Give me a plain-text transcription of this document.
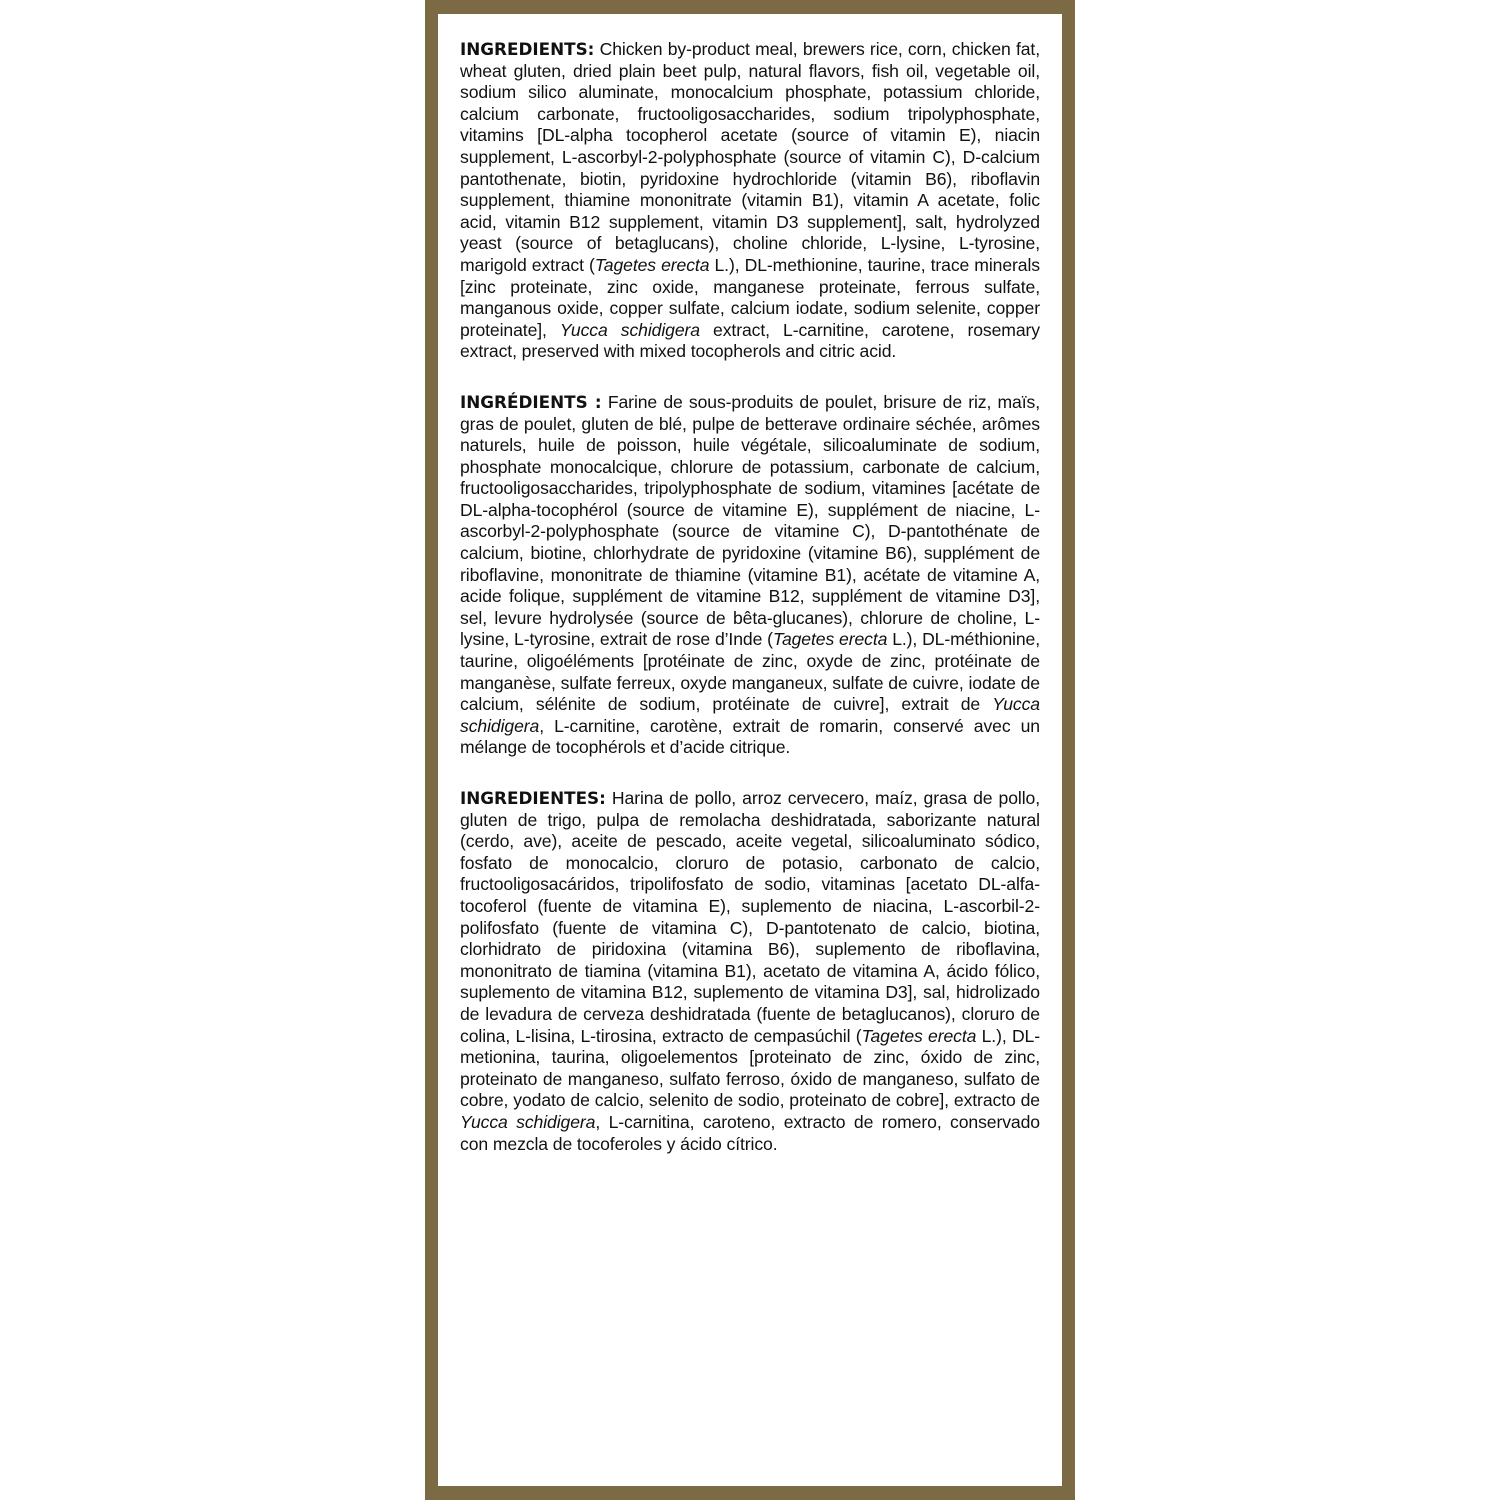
INGREDIENTS: Chicken by-product meal, brewers rice, corn, chicken fat, wheat gluten, dried plain beet pulp, natural flavors, fish oil, vegetable oil, sodium silico aluminate, monocalcium phosphate, potassium chloride, calcium carbonate, fructooligosaccharides, sodium tripolyphosphate, vitamins [DL-alpha tocopherol acetate (source of vitamin E), niacin supplement, L-ascorbyl-2-polyphosphate (source of vitamin C), D-calcium pantothenate, biotin, pyridoxine hydrochloride (vitamin B6), riboflavin supplement, thiamine mononitrate (vitamin B1), vitamin A acetate, folic acid, vitamin B12 supplement, vitamin D3 supplement], salt, hydrolyzed yeast (source of betaglucans), choline chloride, L-lysine, L-tyrosine, marigold extract (Tagetes erecta L.), DL-methionine, taurine, trace minerals [zinc proteinate, zinc oxide, manganese proteinate, ferrous sulfate, manganous oxide, copper sulfate, calcium iodate, sodium selenite, copper proteinate], Yucca schidigera extract, L-carnitine, carotene, rosemary extract, preserved with mixed tocopherols and citric acid.

INGRÉDIENTS : Farine de sous-produits de poulet, brisure de riz, maïs, gras de poulet, gluten de blé, pulpe de betterave ordinaire séchée, arômes naturels, huile de poisson, huile végétale, silicoaluminate de sodium, phosphate monocalcique, chlorure de potassium, carbonate de calcium, fructooligosaccharides, tripolyphosphate de sodium, vitamines [acétate de DL-alpha-tocophérol (source de vitamine E), supplément de niacine, L-ascorbyl-2-polyphosphate (source de vitamine C), D-pantothénate de calcium, biotine, chlorhydrate de pyridoxine (vitamine B6), supplément de riboflavine, mononitrate de thiamine (vitamine B1), acétate de vitamine A, acide folique, supplément de vitamine B12, supplément de vitamine D3], sel, levure hydrolysée (source de bêta-glucanes), chlorure de choline, L-lysine, L-tyrosine, extrait de rose d’Inde (Tagetes erecta L.), DL-méthionine, taurine, oligoéléments [protéinate de zinc, oxyde de zinc, protéinate de manganèse, sulfate ferreux, oxyde manganeux, sulfate de cuivre, iodate de calcium, sélénite de sodium, protéinate de cuivre], extrait de Yucca schidigera, L-carnitine, carotène, extrait de romarin, conservé avec un mélange de tocophérols et d’acide citrique.

INGREDIENTES: Harina de pollo, arroz cervecero, maíz, grasa de pollo, gluten de trigo, pulpa de remolacha deshidratada, saborizante natural (cerdo, ave), aceite de pescado, aceite vegetal, silicoaluminato sódico, fosfato de monocalcio, cloruro de potasio, carbonato de calcio, fructooligosacáridos, tripolifosfato de sodio, vitaminas [acetato DL-alfa-tocoferol (fuente de vitamina E), suplemento de niacina, L-ascorbil-2-polifosfato (fuente de vitamina C), D-pantotenato de calcio, biotina, clorhidrato de piridoxina (vitamina B6), suplemento de riboflavina, mononitrato de tiamina (vitamina B1), acetato de vitamina A, ácido fólico, suplemento de vitamina B12, suplemento de vitamina D3], sal, hidrolizado de levadura de cerveza deshidratada (fuente de betaglucanos), cloruro de colina, L-lisina, L-tirosina, extracto de cempasúchil (Tagetes erecta L.), DL-metionina, taurina, oligoelementos [proteinato de zinc, óxido de zinc, proteinato de manganeso, sulfato ferroso, óxido de manganeso, sulfato de cobre, yodato de calcio, selenito de sodio, proteinato de cobre], extracto de Yucca schidigera, L-carnitina, caroteno, extracto de romero, conservado con mezcla de tocoferoles y ácido cítrico.
